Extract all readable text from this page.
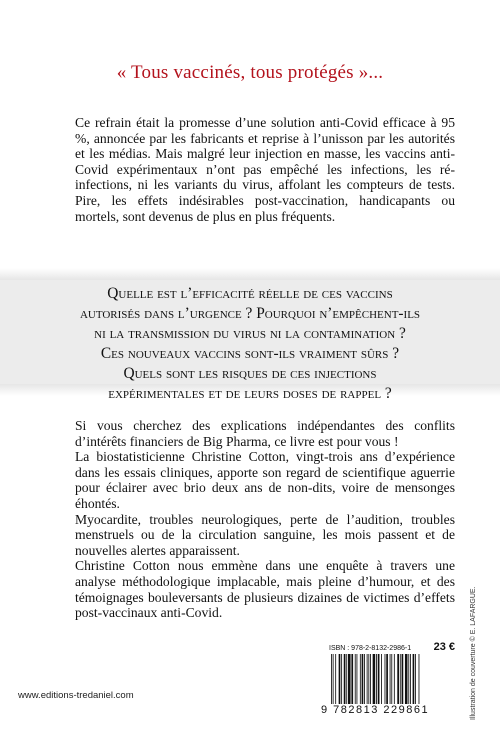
« Tous vaccinés, tous protégés »...

Ce refrain était la promesse d’une solution anti-Covid efficace à 95 %, annoncée par les fabricants et reprise à l’unisson par les autorités et les médias. Mais malgré leur injection en masse, les vaccins anti-Covid expérimentaux n’ont pas empêché les infections, les ré-infections, ni les variants du virus, affolant les compteurs de tests. Pire, les effets indésirables post-vaccination, handicapants ou mortels, sont devenus de plus en plus fréquents.

Quelle est l’efficacité réelle de ces vaccins
autorisés dans l’urgence ? Pourquoi n’empêchent-ils
ni la transmission du virus ni la contamination ?
Ces nouveaux vaccins sont-ils vraiment sûrs ?
Quels sont les risques de ces injections
expérimentales et de leurs doses de rappel ?

Si vous cherchez des explications indépendantes des conflits d’intérêts financiers de Big Pharma, ce livre est pour vous !

La biostatisticienne Christine Cotton, vingt-trois ans d’expérience dans les essais cliniques, apporte son regard de scientifique aguerrie pour éclairer avec brio deux ans de non-dits, voire de mensonges éhontés.

Myocardite, troubles neurologiques, perte de l’audition, troubles menstruels ou de la circulation sanguine, les mois passent et de nouvelles alertes apparaissent.

Christine Cotton nous emmène dans une enquête à travers une analyse méthodologique implacable, mais pleine d’humour, et des témoignages bouleversants de plusieurs dizaines de victimes d’effets post-vaccinaux anti-Covid.

ISBN : 978-2-8132-2986-1 23 €
9 782813 229861	Illustration de couverture © E. LAFARGUE.
www.editions-tredaniel.com
